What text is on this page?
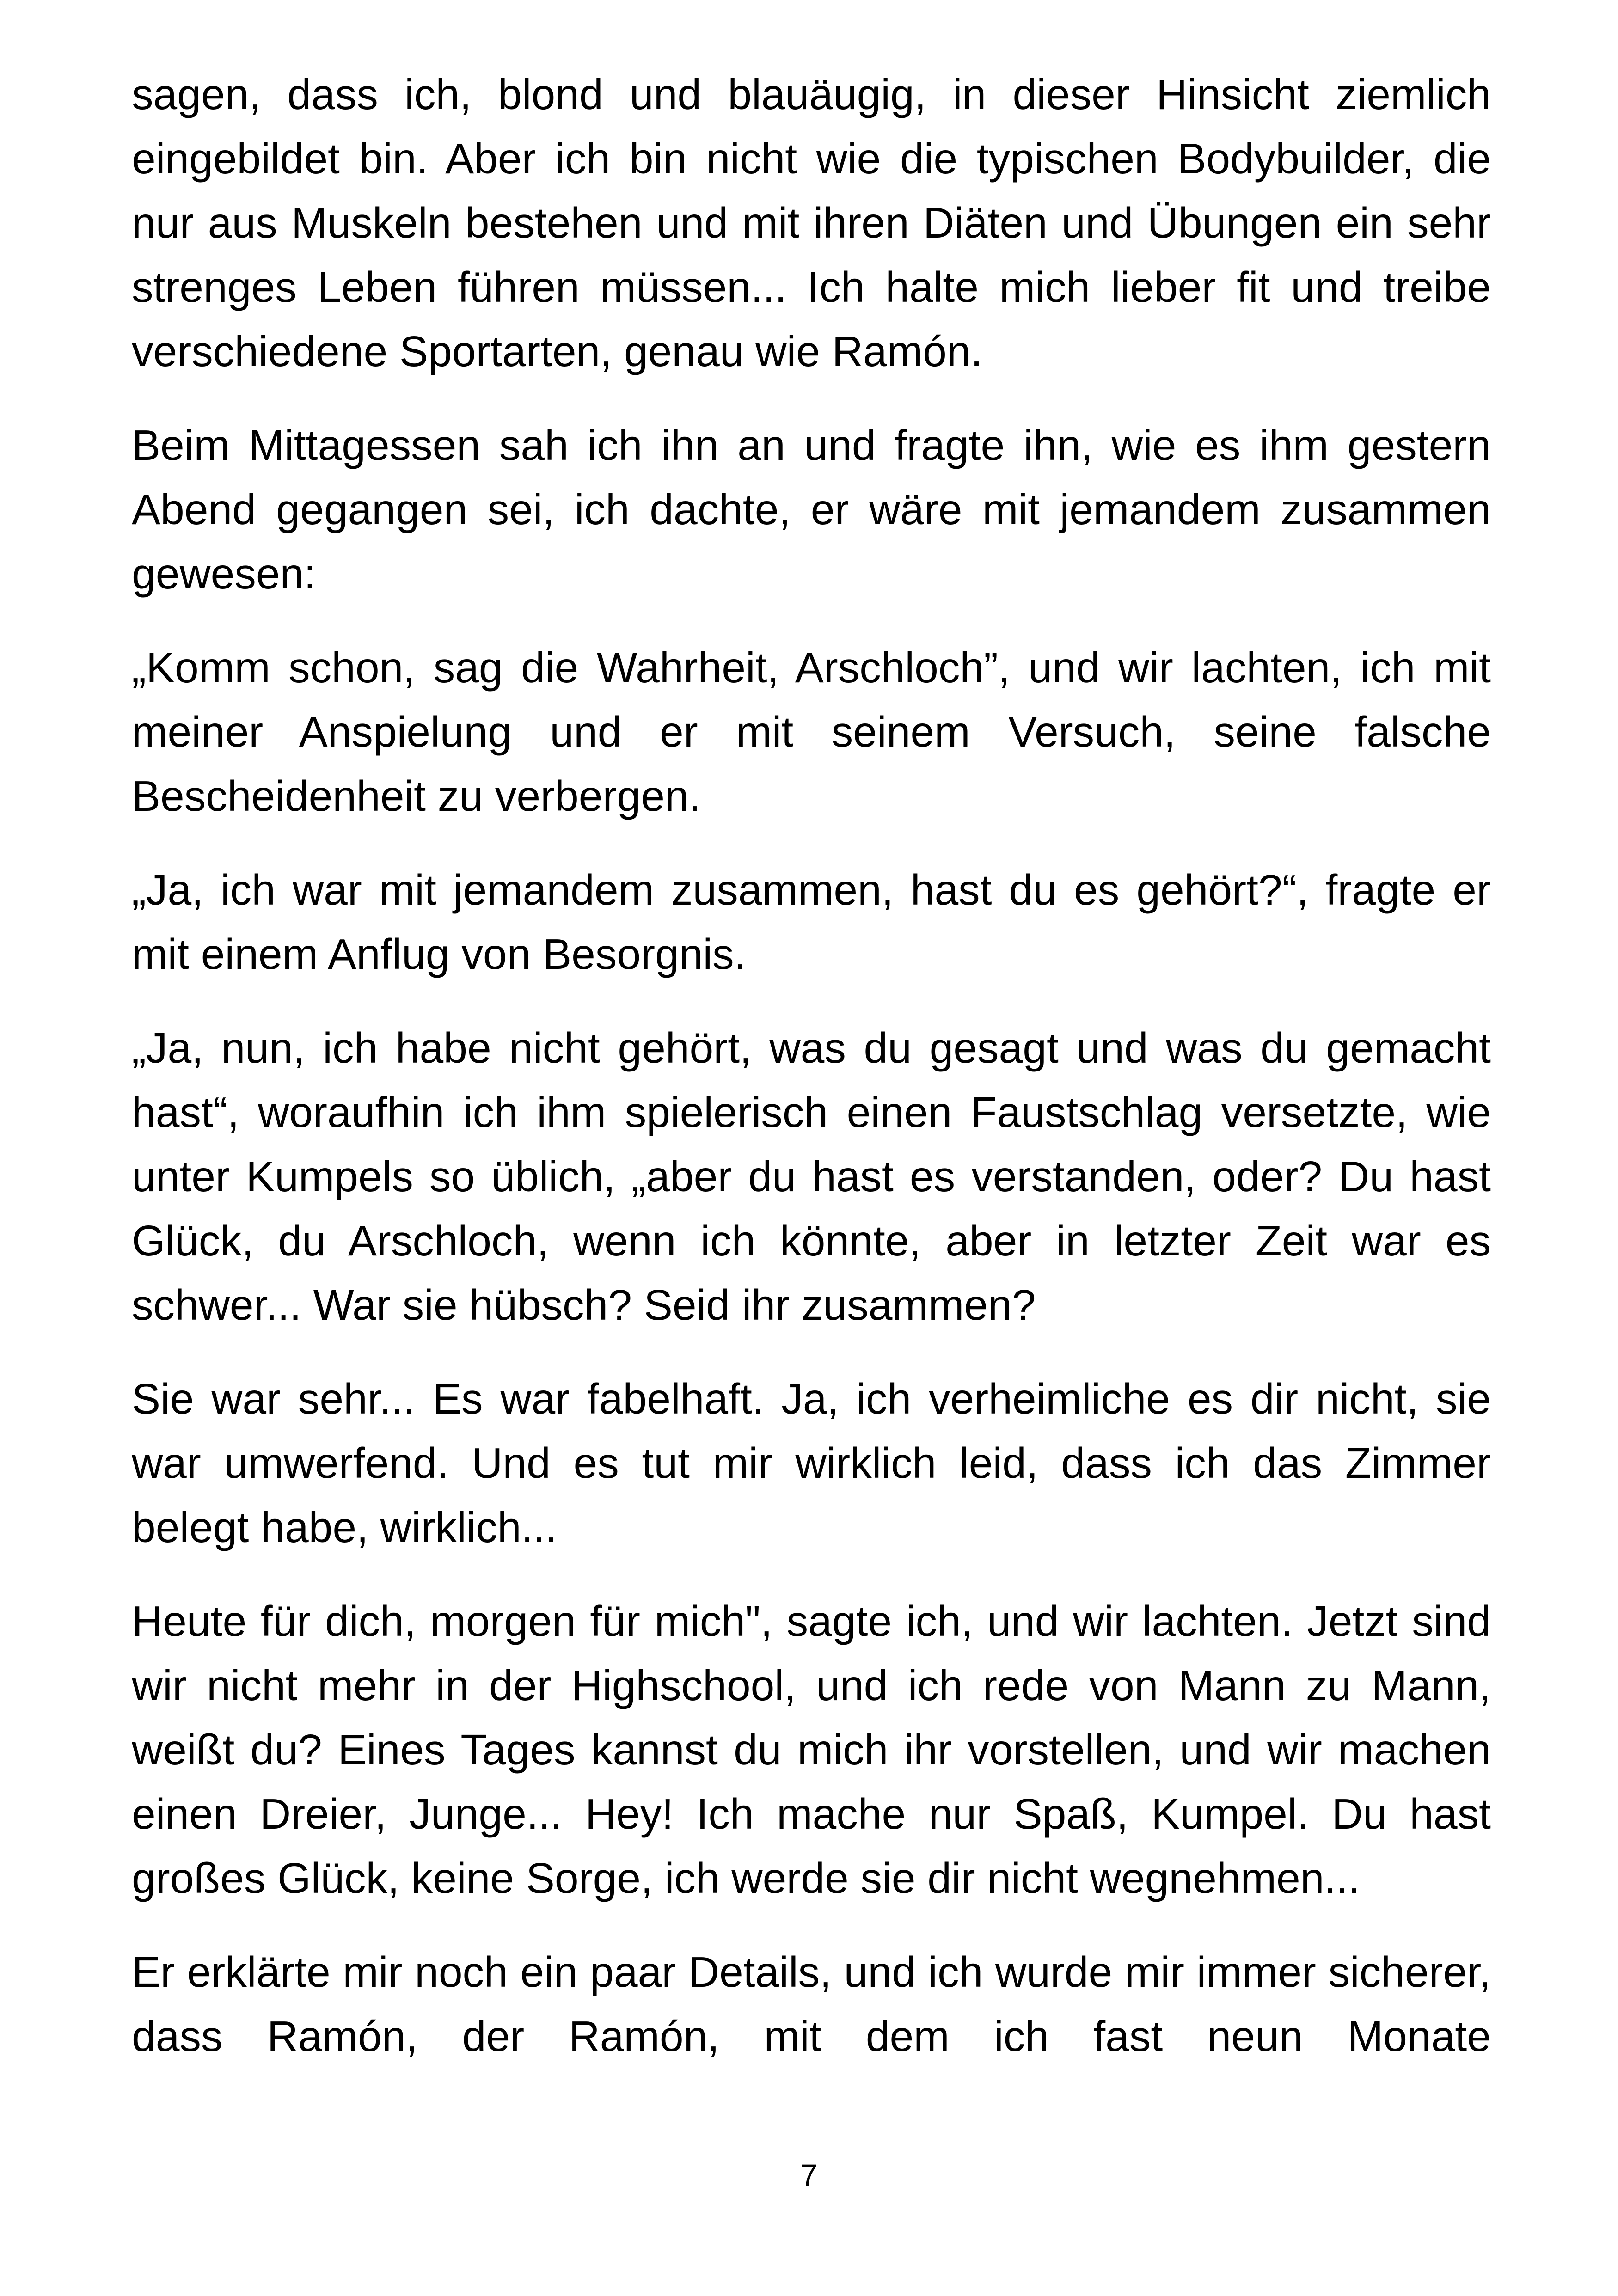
sagen, dass ich, blond und blauäugig, in dieser Hinsicht ziemlich eingebildet bin. Aber ich bin nicht wie die typischen Bodybuilder, die nur aus Muskeln bestehen und mit ihren Diäten und Übungen ein sehr strenges Leben führen müssen... Ich halte mich lieber fit und treibe verschiedene Sportarten, genau wie Ramón.

Beim Mittagessen sah ich ihn an und fragte ihn, wie es ihm gestern Abend gegangen sei, ich dachte, er wäre mit jemandem zusammen gewesen:

„Komm schon, sag die Wahrheit, Arschloch”, und wir lachten, ich mit meiner Anspielung und er mit seinem Versuch, seine falsche Bescheidenheit zu verbergen.

„Ja, ich war mit jemandem zusammen, hast du es gehört?“, fragte er mit einem Anflug von Besorgnis.

„Ja, nun, ich habe nicht gehört, was du gesagt und was du gemacht hast“, woraufhin ich ihm spielerisch einen Faustschlag versetzte, wie unter Kumpels so üblich, „aber du hast es verstanden, oder? Du hast Glück, du Arschloch, wenn ich könnte, aber in letzter Zeit war es schwer... War sie hübsch? Seid ihr zusammen?

Sie war sehr... Es war fabelhaft. Ja, ich verheimliche es dir nicht, sie war umwerfend. Und es tut mir wirklich leid, dass ich das Zimmer belegt habe, wirklich...

Heute für dich, morgen für mich", sagte ich, und wir lachten. Jetzt sind wir nicht mehr in der Highschool, und ich rede von Mann zu Mann, weißt du? Eines Tages kannst du mich ihr vorstellen, und wir machen einen Dreier, Junge... Hey! Ich mache nur Spaß, Kumpel. Du hast großes Glück, keine Sorge, ich werde sie dir nicht wegnehmen...

Er erklärte mir noch ein paar Details, und ich wurde mir immer sicherer, dass Ramón, der Ramón, mit dem ich fast neun Monate

7
